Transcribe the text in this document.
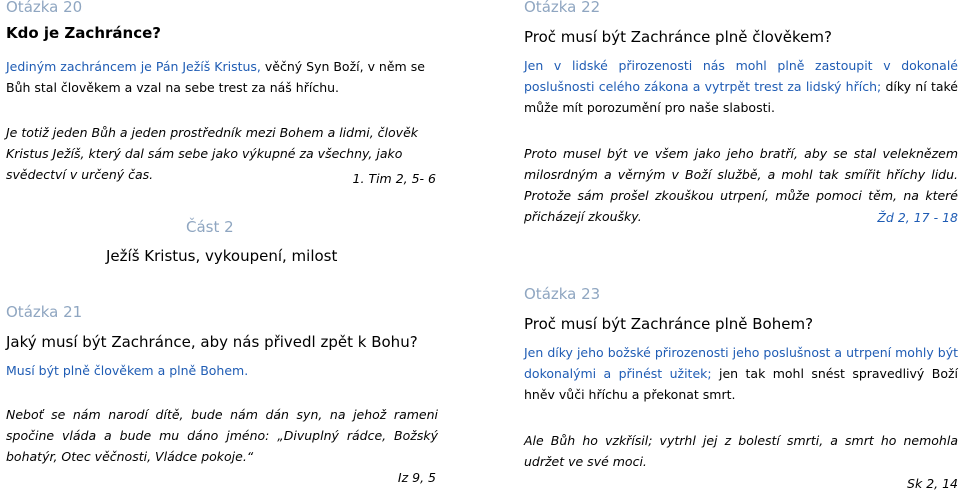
Otázka 20
Kdo je Zachránce?
Jediným zachráncem je Pán Ježíš Kristus, věčný Syn Boží, v něm se Bůh stal člověkem a vzal na sebe trest za náš hříchu.
Je totiž jeden Bůh a jeden prostředník mezi Bohem a lidmi, člověk Kristus Ježíš, který dal sám sebe jako výkupné za všechny, jako svědectví v určený čas.	1. Tim 2, 5- 6
Část 2
Ježíš Kristus, vykoupení, milost
Otázka 21
Jaký musí být Zachránce, aby nás přivedl zpět k Bohu?
Musí být plně člověkem a plně Bohem.
Neboť se nám narodí dítě, bude nám dán syn, na jehož rameni spočine vláda a bude mu dáno jméno: „Divuplný rádce, Božský bohatýr, Otec věčnosti, Vládce pokoje.“
Iz 9, 5
Otázka 22
Proč musí být Zachránce plně člověkem?
Jen v lidské přirozenosti nás mohl plně zastoupit v dokonalé poslušnosti celého zákona a vytrpět trest za lidský hřích; díky ní také může mít porozumění pro naše slabosti.
Proto musel být ve všem jako jeho bratří, aby se stal veleknězem milosrdným a věrným v Boží službě, a mohl tak smířit hříchy lidu. Protože sám prošel zkouškou utrpení, může pomoci těm, na které přicházejí zkoušky.	Žd 2, 17 - 18
Otázka 23
Proč musí být Zachránce plně Bohem?
Jen díky jeho božské přirozenosti jeho poslušnost a utrpení mohly být dokonalými a přinést užitek; jen tak mohl snést spravedlivý Boží hněv vůči hříchu a překonat smrt.
Ale Bůh ho vzkřísil; vytrhl jej z bolestí smrti, a smrt ho nemohla udržet ve své moci.
Sk 2, 14
